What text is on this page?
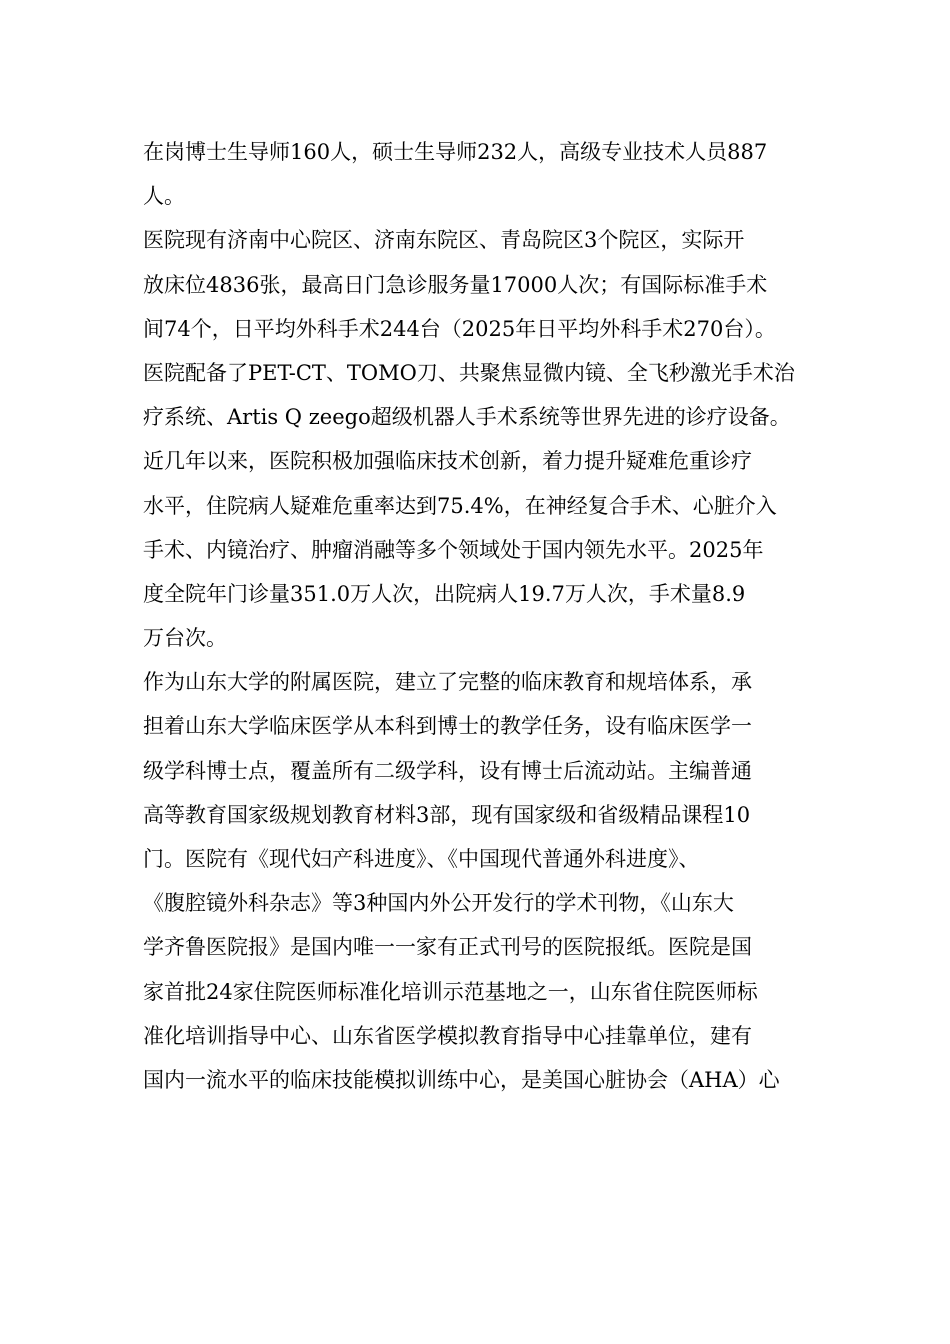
在岗博士生导师160人，硕士生导师232人，高级专业技术人员887
人。
医院现有济南中心院区、济南东院区、青岛院区3个院区，实际开
放床位4836张，最高日门急诊服务量17000人次；有国际标准手术
间74个，日平均外科手术244台（2025年日平均外科手术270台）。
医院配备了PET-CT、TOMO刀、共聚焦显微内镜、全飞秒激光手术治
疗系统、Artis Q zeego超级机器人手术系统等世界先进的诊疗设备。
近几年以来，医院积极加强临床技术创新，着力提升疑难危重诊疗
水平，住院病人疑难危重率达到75.4%，在神经复合手术、心脏介入
手术、内镜治疗、肿瘤消融等多个领域处于国内领先水平。2025年
度全院年门诊量351.0万人次，出院病人19.7万人次，手术量8.9
万台次。
作为山东大学的附属医院，建立了完整的临床教育和规培体系，承
担着山东大学临床医学从本科到博士的教学任务，设有临床医学一
级学科博士点，覆盖所有二级学科，设有博士后流动站。主编普通
高等教育国家级规划教育材料3部，现有国家级和省级精品课程10
门。医院有《现代妇产科进度》、《中国现代普通外科进度》、
《腹腔镜外科杂志》等3种国内外公开发行的学术刊物，《山东大
学齐鲁医院报》是国内唯一一家有正式刊号的医院报纸。医院是国
家首批24家住院医师标准化培训示范基地之一，山东省住院医师标
准化培训指导中心、山东省医学模拟教育指导中心挂靠单位，建有
国内一流水平的临床技能模拟训练中心，是美国心脏协会（AHA）心
